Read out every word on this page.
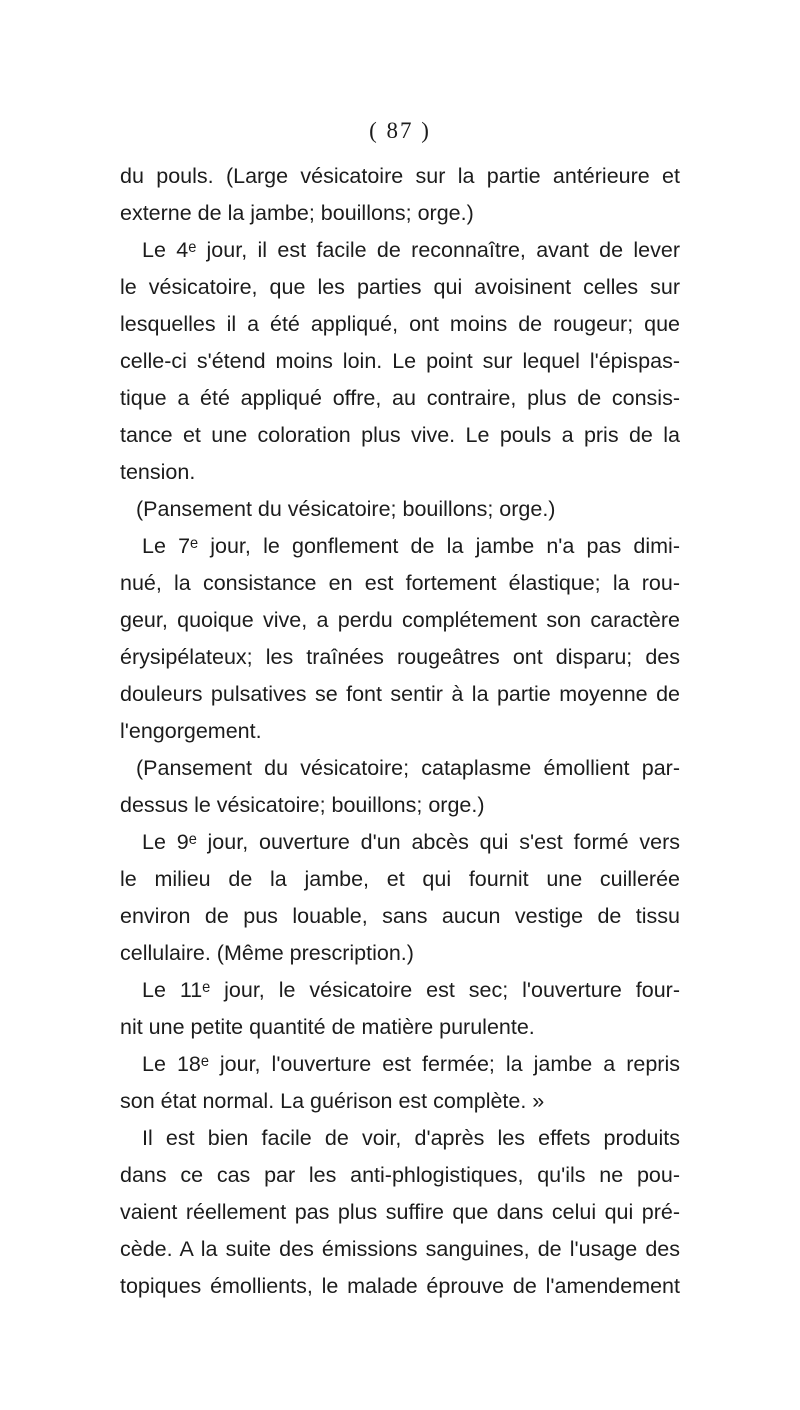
( 87 )
du pouls. (Large vésicatoire sur la partie antérieure et
externe de la jambe; bouillons; orge.)
Le 4ᵉ jour, il est facile de reconnaître, avant de lever
le vésicatoire, que les parties qui avoisinent celles sur
lesquelles il a été appliqué, ont moins de rougeur; que
celle-ci s'étend moins loin. Le point sur lequel l'épispas-
tique a été appliqué offre, au contraire, plus de consis-
tance et une coloration plus vive. Le pouls a pris de la
tension.
(Pansement du vésicatoire; bouillons; orge.)
Le 7ᵉ jour, le gonflement de la jambe n'a pas dimi-
nué, la consistance en est fortement élastique; la rou-
geur, quoique vive, a perdu complétement son caractère
érysipélateux; les traînées rougeâtres ont disparu; des
douleurs pulsatives se font sentir à la partie moyenne de
l'engorgement.
(Pansement du vésicatoire; cataplasme émollient par-
dessus le vésicatoire; bouillons; orge.)
Le 9ᵉ jour, ouverture d'un abcès qui s'est formé vers
le milieu de la jambe, et qui fournit une cuillerée
environ de pus louable, sans aucun vestige de tissu
cellulaire. (Même prescription.)
Le 11ᵉ jour, le vésicatoire est sec; l'ouverture four-
nit une petite quantité de matière purulente.
Le 18ᵉ jour, l'ouverture est fermée; la jambe a repris
son état normal. La guérison est complète. »
Il est bien facile de voir, d'après les effets produits
dans ce cas par les anti-phlogistiques, qu'ils ne pou-
vaient réellement pas plus suffire que dans celui qui pré-
cède. A la suite des émissions sanguines, de l'usage des
topiques émollients, le malade éprouve de l'amendement
